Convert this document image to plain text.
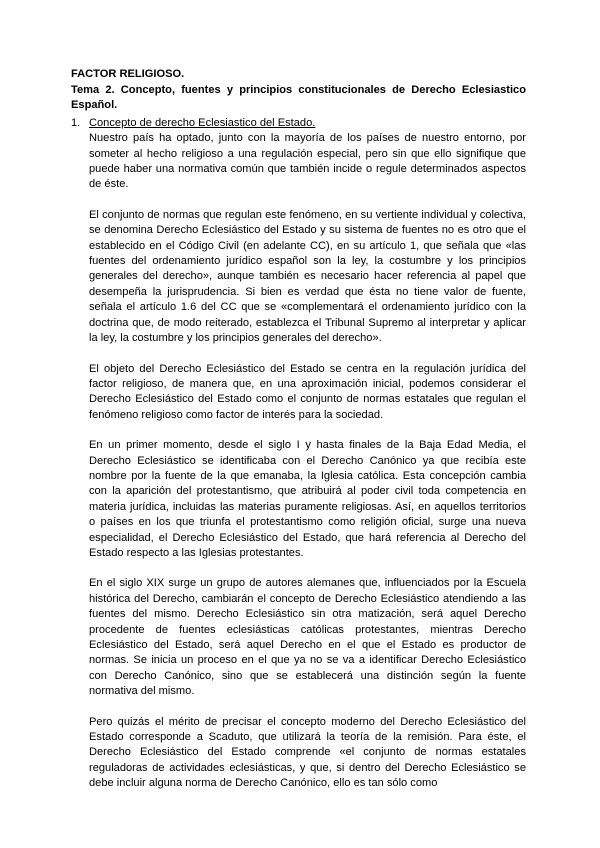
FACTOR RELIGIOSO.

Tema 2. Concepto, fuentes y principios constitucionales de Derecho Eclesiastico Español.

1. Concepto de derecho Eclesiastico del Estado.

Nuestro país ha optado, junto con la mayoría de los países de nuestro entorno, por someter al hecho religioso a una regulación especial, pero sin que ello signifique que puede haber una normativa común que también incide o regule determinados aspectos de éste.

El conjunto de normas que regulan este fenómeno, en su vertiente individual y colectiva, se denomina Derecho Eclesiástico del Estado y su sistema de fuentes no es otro que el establecido en el Código Civil (en adelante CC), en su artículo 1, que señala que «las fuentes del ordenamiento jurídico español son la ley, la costumbre y los principios generales del derecho», aunque también es necesario hacer referencia al papel que desempeña la jurisprudencia. Si bien es verdad que ésta no tiene valor de fuente, señala el artículo 1.6 del CC que se «complementará el ordenamiento jurídico con la doctrina que, de modo reiterado, establezca el Tribunal Supremo al interpretar y aplicar la ley, la costumbre y los principios generales del derecho».

El objeto del Derecho Eclesiástico del Estado se centra en la regulación jurídica del factor religioso, de manera que, en una aproximación inicial, podemos considerar el Derecho Eclesiástico del Estado como el conjunto de normas estatales que regulan el fenómeno religioso como factor de interés para la sociedad.

En un primer momento, desde el siglo I y hasta finales de la Baja Edad Media, el Derecho Eclesiástico se identificaba con el Derecho Canónico ya que recibía este nombre por la fuente de la que emanaba, la Iglesia católica. Esta concepción cambia con la aparición del protestantismo, que atribuirá al poder civil toda competencia en materia jurídica, incluidas las materias puramente religiosas. Así, en aquellos territorios o países en los que triunfa el protestantismo como religión oficial, surge una nueva especialidad, el Derecho Eclesiástico del Estado, que hará referencia al Derecho del Estado respecto a las Iglesias protestantes.

En el siglo XIX surge un grupo de autores alemanes que, influenciados por la Escuela histórica del Derecho, cambiarán el concepto de Derecho Eclesiástico atendiendo a las fuentes del mismo. Derecho Eclesiástico sin otra matización, será aquel Derecho procedente de fuentes eclesiásticas católicas protestantes, mientras Derecho Eclesiástico del Estado, será aquel Derecho en el que el Estado es productor de normas. Se inicia un proceso en el que ya no se va a identificar Derecho Eclesiástico con Derecho Canónico, sino que se establecerá una distinción según la fuente normativa del mismo.

Pero quizás el mérito de precisar el concepto moderno del Derecho Eclesiástico del Estado corresponde a Scaduto, que utilizará la teoría de la remisión. Para éste, el Derecho Eclesiástico del Estado comprende «el conjunto de normas estatales reguladoras de actividades eclesiásticas, y que, si dentro del Derecho Eclesiástico se debe incluir alguna norma de Derecho Canónico, ello es tan sólo como
